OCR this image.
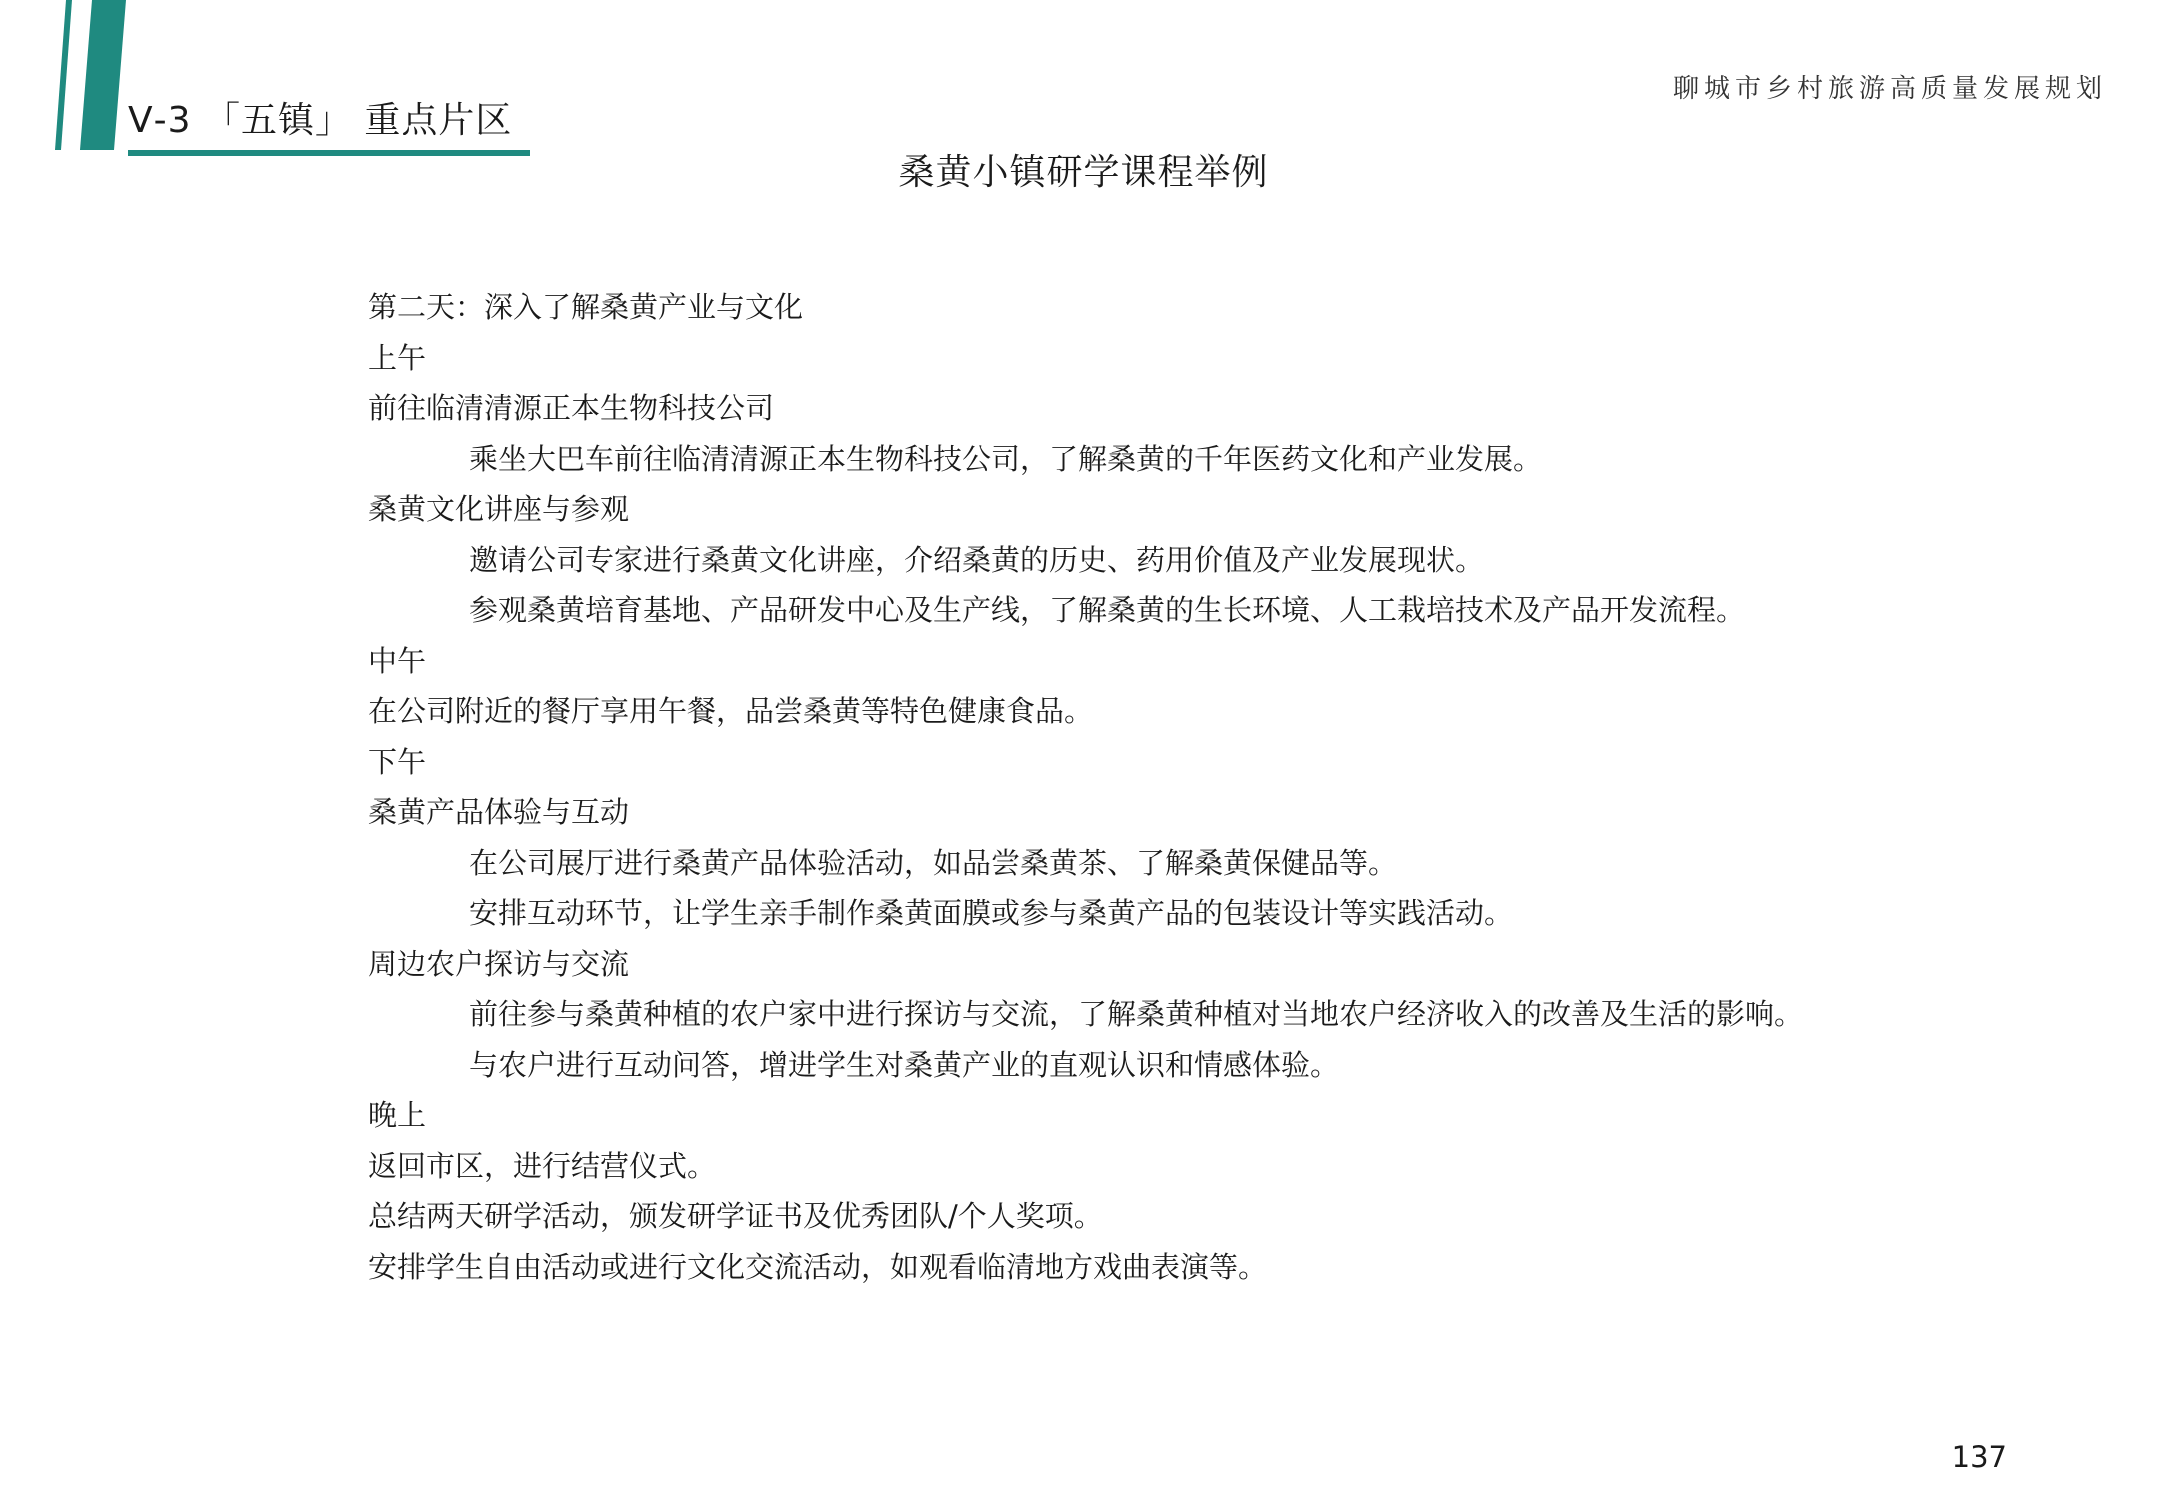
Ⅴ-3 「五镇」 重点片区
聊城市乡村旅游高质量发展规划
桑黄小镇研学课程举例
第二天：深入了解桑黄产业与文化
上午
前往临清清源正本生物科技公司
乘坐大巴车前往临清清源正本生物科技公司，了解桑黄的千年医药文化和产业发展。
桑黄文化讲座与参观
邀请公司专家进行桑黄文化讲座，介绍桑黄的历史、药用价值及产业发展现状。
参观桑黄培育基地、产品研发中心及生产线，了解桑黄的生长环境、人工栽培技术及产品开发流程。
中午
在公司附近的餐厅享用午餐，品尝桑黄等特色健康食品。
下午
桑黄产品体验与互动
在公司展厅进行桑黄产品体验活动，如品尝桑黄茶、了解桑黄保健品等。
安排互动环节，让学生亲手制作桑黄面膜或参与桑黄产品的包装设计等实践活动。
周边农户探访与交流
前往参与桑黄种植的农户家中进行探访与交流，了解桑黄种植对当地农户经济收入的改善及生活的影响。
与农户进行互动问答，增进学生对桑黄产业的直观认识和情感体验。
晚上
返回市区，进行结营仪式。
总结两天研学活动，颁发研学证书及优秀团队/个人奖项。
安排学生自由活动或进行文化交流活动，如观看临清地方戏曲表演等。
137
